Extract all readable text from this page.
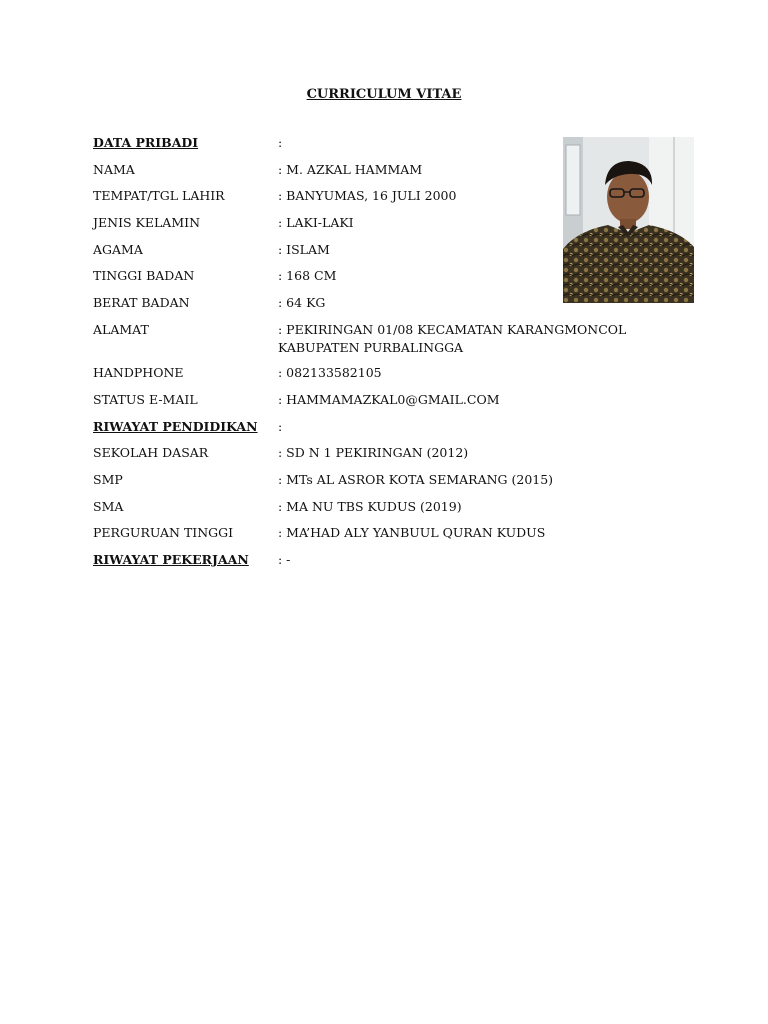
CURRICULUM VITAE
DATA PRIBADI	:
NAMA	: M. AZKAL HAMMAM
TEMPAT/TGL LAHIR	: BANYUMAS, 16 JULI 2000
JENIS KELAMIN	: LAKI-LAKI
AGAMA	: ISLAM
TINGGI BADAN	: 168 CM
BERAT BADAN	: 64 KG
ALAMAT	: PEKIRINGAN 01/08 KECAMATAN KARANGMONCOL
KABUPATEN PURBALINGGA
HANDPHONE	: 082133582105
STATUS E-MAIL	: HAMMAMAZKAL0@GMAIL.COM
RIWAYAT PENDIDIKAN	:
SEKOLAH DASAR	: SD N 1 PEKIRINGAN (2012)
SMP	: MTs AL ASROR KOTA SEMARANG (2015)
SMA	: MA NU TBS KUDUS (2019)
PERGURUAN TINGGI	: MA’HAD ALY YANBUUL QURAN KUDUS
RIWAYAT PEKERJAAN	: -
